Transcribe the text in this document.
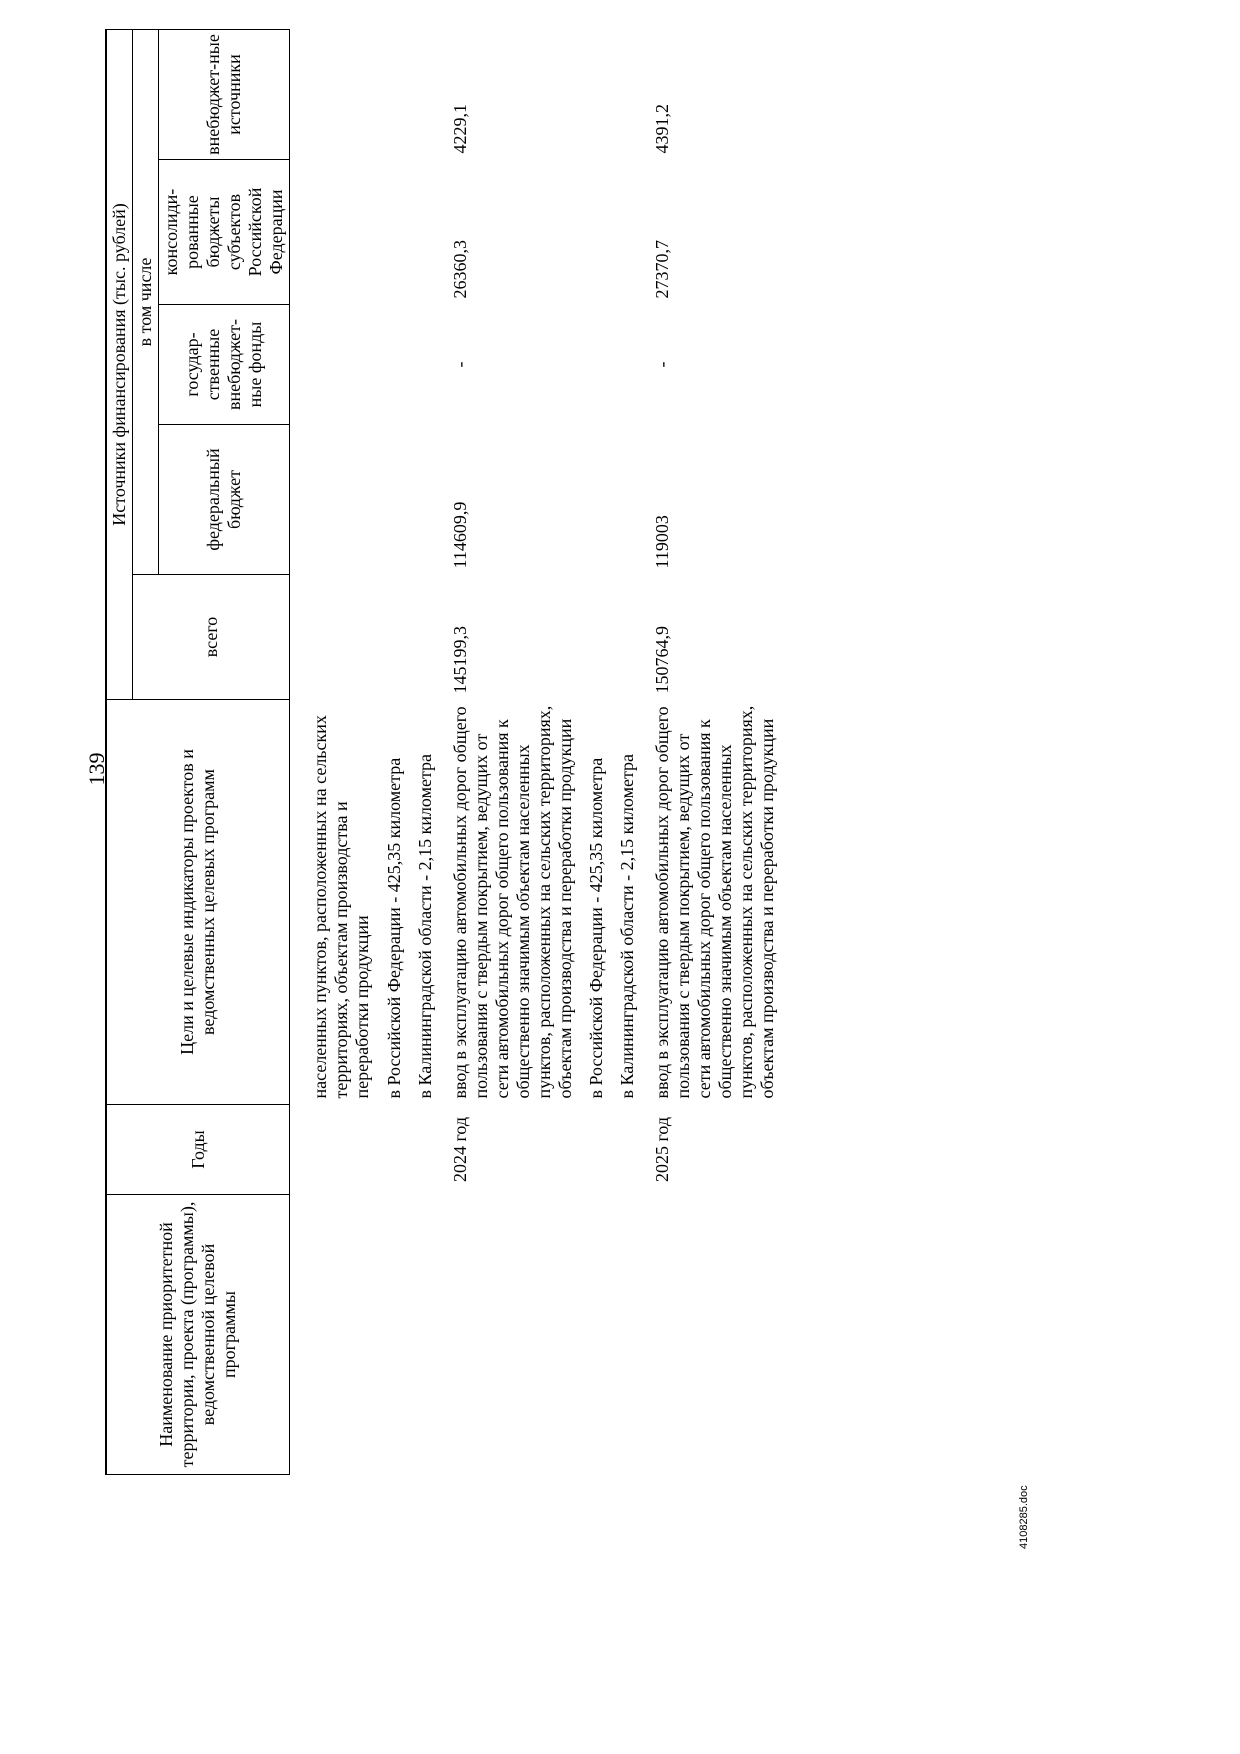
139
Наименование приоритетной территории, проекта (программы), ведомственной целевой программы	Годы	Цели и целевые индикаторы проектов и ведомственных целевых программ	Источники финансирования (тыс. рублей)				
			всего	в том числе			
				федеральный бюджет	государ-ственные внебюджет-ные фонды	консолиди-рованные бюджеты субъектов Российской Федерации	внебюджет-ные источники

		населенных пунктов, расположенных на сельских территориях, объектам производства и переработки продукции в Российской Федерации - 425,35 километра в Калининградской области - 2,15 километра					

	2024 год	ввод в эксплуатацию автомобильных дорог общего пользования с твердым покрытием, ведущих от сети автомобильных дорог общего пользования к общественно значимым объектам населенных пунктов, расположенных на сельских территориях, объектам производства и переработки продукции в Российской Федерации - 425,35 километра в Калининградской области - 2,15 километра	145199,3	114609,9	-	26360,3	4229,1
	2025 год	ввод в эксплуатацию автомобильных дорог общего пользования с твердым покрытием, ведущих от сети автомобильных дорог общего пользования к общественно значимым объектам населенных пунктов, расположенных на сельских территориях, объектам производства и переработки продукции	150764,9	119003	-	27370,7	4391,2
4108285.doc
